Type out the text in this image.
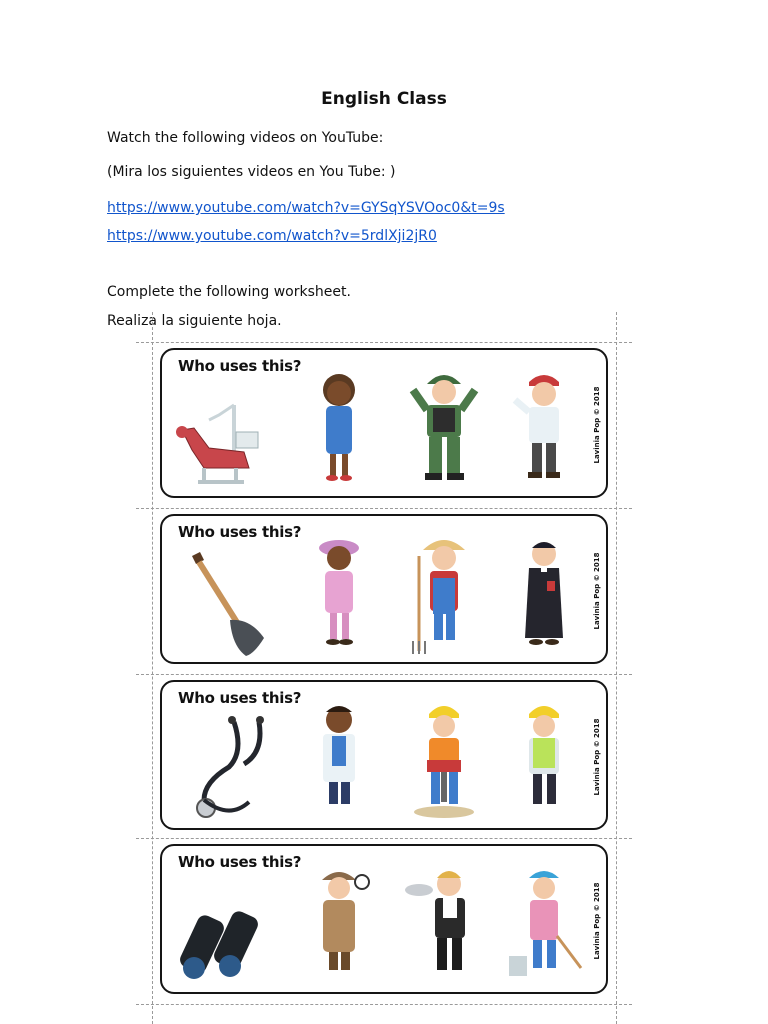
English Class
Watch the following videos on YouTube:
(Mira los siguientes videos en You Tube: )
https://www.youtube.com/watch?v=GYSqYSVOoc0&t=9s
https://www.youtube.com/watch?v=5rdlXji2jR0
Complete the following worksheet.
Realiza la siguiente hoja.
Who uses this?
Lavinia Pop © 2018
Who uses this?
Lavinia Pop © 2018
Who uses this?
Lavinia Pop © 2018
Who uses this?
Lavinia Pop © 2018
